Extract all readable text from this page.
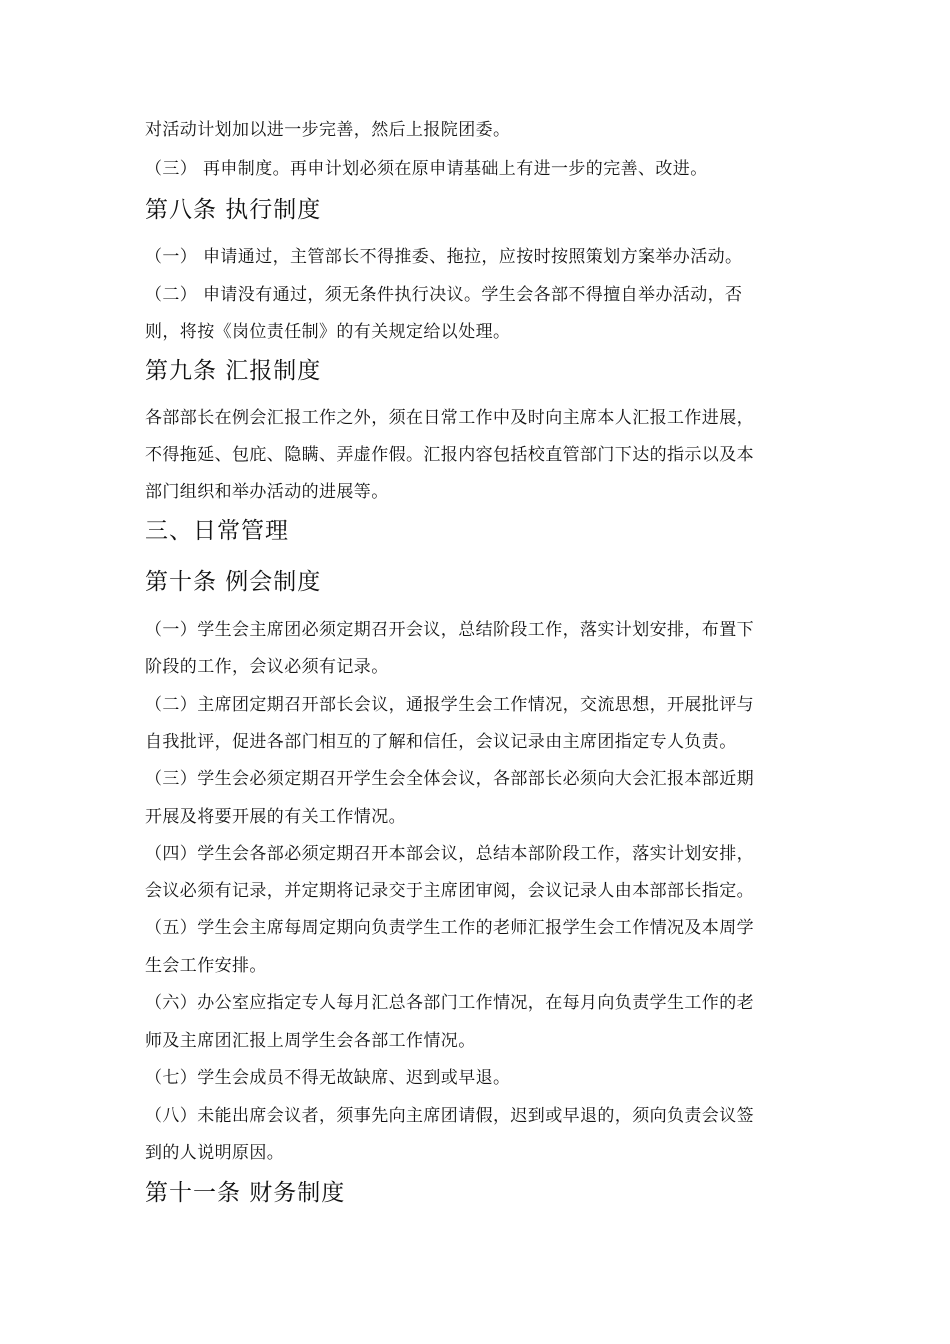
对活动计划加以进一步完善，然后上报院团委。
（三） 再申制度。再申计划必须在原申请基础上有进一步的完善、改进。
第八条 执行制度
（一） 申请通过，主管部长不得推委、拖拉，应按时按照策划方案举办活动。
（二） 申请没有通过，须无条件执行决议。学生会各部不得擅自举办活动，否
则，将按《岗位责任制》的有关规定给以处理。
第九条 汇报制度
各部部长在例会汇报工作之外，须在日常工作中及时向主席本人汇报工作进展，
不得拖延、包庇、隐瞒、弄虚作假。汇报内容包括校直管部门下达的指示以及本
部门组织和举办活动的进展等。
三、日常管理
第十条 例会制度
（一）学生会主席团必须定期召开会议，总结阶段工作，落实计划安排，布置下
阶段的工作，会议必须有记录。
（二）主席团定期召开部长会议，通报学生会工作情况，交流思想，开展批评与
自我批评，促进各部门相互的了解和信任，会议记录由主席团指定专人负责。
（三）学生会必须定期召开学生会全体会议，各部部长必须向大会汇报本部近期
开展及将要开展的有关工作情况。
（四）学生会各部必须定期召开本部会议，总结本部阶段工作，落实计划安排，
会议必须有记录，并定期将记录交于主席团审阅，会议记录人由本部部长指定。
（五）学生会主席每周定期向负责学生工作的老师汇报学生会工作情况及本周学
生会工作安排。
（六）办公室应指定专人每月汇总各部门工作情况，在每月向负责学生工作的老
师及主席团汇报上周学生会各部工作情况。
（七）学生会成员不得无故缺席、迟到或早退。
（八）未能出席会议者，须事先向主席团请假，迟到或早退的，须向负责会议签
到的人说明原因。
第十一条 财务制度
